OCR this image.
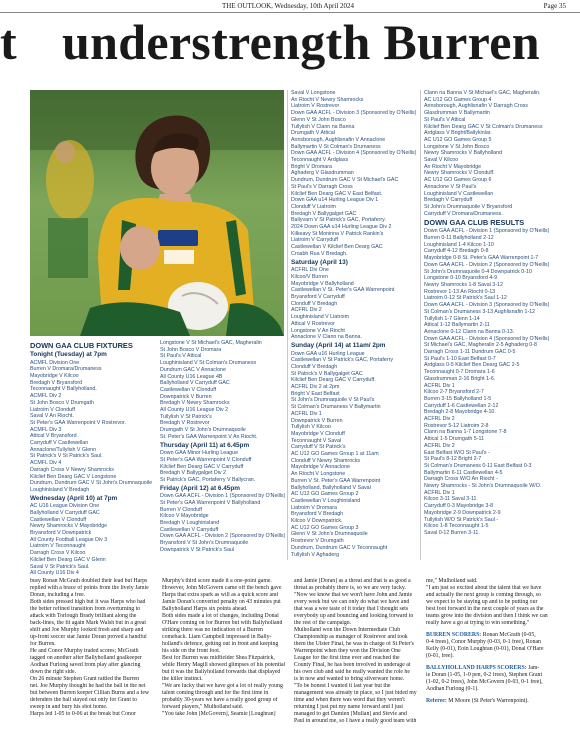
THE OUTLOOK, Wednesday, 10th April 2024	Page 35
t understrength Burren
DOWN GAA CLUB FIXTURES
Tonight (Tuesday) at 7pm
ACMFL Division One
Burren V Dromara/Drumaness
Mayobridge V Kilcoo
Bredagh V Bryansford
Teconnaught V Ballyholland.
ACMFL Div 2
St John Bosco V Drumgath
Liatroim V Clonduff
Saval V An Riocht.
St Peter's GAA Warrenpoint V Rostrevor.
ACMFL Div 3
Attical V Bryansford
Carryduff V Castlewellan
Annaclone/Tullylish V Glenn
St Patrick's V St Patrick's Saul.
ACMFL Div 4
Darragh Cross V Newry Shamrocks
Kilclief Ben Dearg GAC V Longstone
Dundrum, Dundrum GAC V St John's Drumnaquoile
Loughinisland V Bredagh
Wednesday (April 10) at 7pm
AC U16 League Division One
Ballyholland V Carryduff GAC
Castlewellan V Clonduff
Newry Shamrocks V Mayobridge
Bryansford V Downpatrick
All County Football League Div 3
Liatroim V Teconnaught
Darragh Cross V Kilcoo
Kilclief Ben Dearg GAC V Glenn
Saval V St Patrick's Saul.
All County U16 Div 4
Longstone V St Michael's GAC, Magheralin
St John Bosco V Dromara
St Paul's V Attical
Loughinisland V St Colman's Drumaness
Dundrum GAC V Annaclone
All County U16 League 4B
Ballyholland V Carryduff GAC
Castlewellan V Clonduff
Downpatrick V Burren
Bredagh V Newry Shamrocks
All County U16 League Div 2
Tullylish V St Patrick's
Bredagh V Rostrevor
Drumgath V St John's Drumnaquoile
St. Peter's GAA Warrenpoint V An Riocht.
Thursday (April 11) at 6.45pm
Down GAA Minor Hurling League
St Peter's GAA Warrenpoint V Clonduff
Kilclief Ben Dearg GAC V Carryduff
Bredagh V Ballygalget Div 2
St Patrick's GAC, Portaferry V Ballycran.
Friday (April 12) at 6.45pm
Down GAA ACFL - Division 1 (Sponsored by O'Neills)
St Peter's GAA Warrenpoint V Ballyholland
Burren V Clonduff
Kilcoo V Mayobridge
Bredagh V Loughinisland
Castlewellan V Carryduff
Down GAA ACFL - Division 2 (Sponsored by O'Neills)
Bryansford V St John's Drumnaquoile
Downpatrick V St Patrick's Saul
Saval V Longstone
An Riocht V Newry Shamrocks
Liatroim V Rostrevor
Down GAA ACFL - Division 3 (Sponsored by O'Neills)
Glenn V St John Bosco
Tullylish V Clann na Banna
Drumgath V Attical
Annsborough, Aughlisnafin V Annaclone
Ballymartin V St Colman's Drumaness
Down GAA ACFL - Division 4 (Sponsored by O'Neills)
Teconnaught V Ardglass
Bright V Dromara
Aghaderg V Glasdrumman
Dundrum, Dundrum GAC V St Michael's GAC
St Paul's V Darragh Cross
Kilclief Ben Dearg GAC V East Belfast.
Down GAA u14 Hurling League Div 1
Clonduff V Liatroim
Bredagh V Ballygalget GAC
Ballyvarn V St Patrick's GAC, Portaferry.
2024 Down GAA u14 Hurling League Div 2
Kilkeavy St Moninna V Patrick Rankin's
Liatroim V Carryduff
Castlewellan V Kilclief Ben Dearg GAC
Croabh Rua V Bredagh.
Saturday (April 13)
ACFRL Div One
Kilcoo/V Burren
Mayobridge V Ballyholland
Castlewellan V St. Peter's GAA Warrenpoint
Bryansford V Carryduff
Clonduff V Bredagh
ACFRL Div 2
Loughinisland V Liatroim
Attical V Rostrevor
Longstone V An Riocht
Annaclone V Clann na Banna.
Sunday (April 14) at 11am/ 2pm
Down GAA u16 Hurling League
Castlewellan V St Patrick's GAC, Portaferry
Clonduff V Bredagh
St Patrick's V Ballygalget GAC
Kilclief Ben Dearg GAC V Carryduff.
ACFRL Div 2 at 2pm
Bright V East Belfast
St John's Drumnaquoile V St Paul's
St Colman's Drumaness V Ballymartin
ACFRL Div 1
Downpatrick V Burren
Tullylish V Kilcoo
Mayobridge V Clonduff
Teconnaught V Saval
Carryduff V St Patrick's
AC U12 GO Games Group 1 at 11am
Clonduff V Newry Shamrocks
Mayobridge V Annaclone
An Riocht V Longstone
Burren V St. Peter's GAA Warrenpoint
Ballyholland, Ballyholland V Saval
AC U12 GO Games Group 2
Castlewellan V Loughinisland
Liatroim V Dromara
Bryansford V Bredagh
Kilcoo V Downpatrick.
AC U12 GO Games Group 3
Glenn V St John's Drumnaquoile
Rostrevor V Drumgath
Dundrum, Dundrum GAC V Teconnaught
Tullylish V Aghaderg
Clann na Banna V St Michael's GAC, Magheralin.
AC U12 GO Games Group 4
Annsborough, Aughlisnafin V Darragh Cross
Glasdrumman V Ballymartin
St Paul's V Attical
Kilclief Ben Dearg GAC V St Colman's Drumaness
Ardglass V Bright/Ballykinlar.
AC U12 GO Games Group 5
Longstone V St John Bosco
Newry Shamrocks V Ballyholland
Saval V Kilcoo
An Riocht V Mayobridge
Newry Shamrocks V Clonduff.
AC U12 GO Games Group 6
Annaclone V St Paul's
Loughinisland V Castlewellan
Bredagh V Carryduff
St John's Drumnaquoile V Bryansford
Carryduff V Dromara/Drumaness.
DOWN GAA CLUB RESULTS
Down GAA ACFL - Division 1 (Sponsored by O'Neills)
Burren 0-11 Ballyholland 2-12
Loughinisland 1-4 Kilcoo 1-10
Carryduff 4-12 Bredagh 0-8
Mayobridge 0-8 St. Peter's GAA Warrenpoint 1-7
Down GAA ACFL - Division 2 (Sponsored by O'Neills)
St John's Drumnaquoile 0-4 Downpatrick 0-10
Longstone 0-10 Bryansford 4-9
Newry Shamrocks 1-8 Saval 3-12
Rostrevor 1-13 An Riocht 0-13
Liatroim 0-12 St Patrick's Saul 1-12
Down GAA ACFL - Division 3 (Sponsored by O'Neills)
St Colman's Drumaness 3-13 Aughlisnafin 1-12
Tullylish 1-7 Glenn 1-14
Attical 1-12 Ballymartin 2-11
Annaclone 0-12 Clann na Banna 0-13.
Down GAA ACFL - Division 4 (Sponsored by O'Neills)
St Michael's GAC, Magheralin 2-5 Aghaderg 0-8
Darragh Cross 1-11 Dundrum GAC 0-5
St Paul's 1-10 East Belfast 0-7
Ardglass 0-5 Kilclief Ben Dearg GAC 2-5
Teconnaught 0-7 Dromara 1-6
Glasdrumman 2-16 Bright 1-6.
ACFRL Div 1
Kilcoo 2-7 Bryansford 2-7
Burren 3-15 Ballyholland 1-5
Carryduff 1-6 Castlewellan 2-12
Bredagh 2-8 Mayobridge 4-10.
ACFRL Div 2
Rostrevor 5-12 Liatroim 2-8
Clann na Banna 1-7 Longstone 7-8
Attical 1-5 Drumgath 5-11
ACFRL Div 2
East Belfast W/O St Paul's -
St Paul's 8-12 Bright 2-7
St Colman's Drumaness 0-11 East Belfast 0-3
Ballymartin 6-11 Castlewellan 4-5
Darragh Cross W/O An Riocht -
Newry Shamrocks - St John's Drumnaquoile W/O.
ACFRL Div 1
Kilcoo 3-11 Saval 3-11
Carryduff 0-3 Mayobridge 3-8
Mayobridge 2-9 Downpatrick 2-9
Tullylish W/O St Patrick's Saul -
Kilcoo 1-8 Teconnaught 1-5
Saval 0-12 Burren 3-11.
busy Ronan McGrath doubled their lead but Harps
replied with a brace of points from the lively Jamie
Doran, including a free.
Both sides pressed high but it was Harps who had
the better refined transition from overturning to
attack with Torlough Brady brilliant along the
back-lines, the fit again Mark Walsh but in a great
shift and Joe Murphy looked fresh and sharp and
up-front soccer star Jamie Doran proved a handful
for Burren.
He and Conor Murphy traded scores; McGrath
tagged on another after Ballyholland goalkeeper
Aodhan Furlong saved from play after glancing
down the right side.
On 26 minute Stephen Grant rattled the Burren
net. Joe Murphy thought he had the ball in the net
but between Burren keeper Cillian Burns and a few
defenders the ball stayed out only for Grant to
sweep in and bury his shot home.
Harps led 1-05 to 0-06 at the break but Conor
Murphy's third score made it a one-point game.
However, John McGovern came off the bench gave
Harps that extra spark as will as a quick score and
Jamie Doran's converted penalty on 43 minutes put
Ballyholland Harps six points ahead.
Both sides made a lot of changes, including Donal
O'Hare coming on for Burren but with Ballyholland
striking there was no indication of a Burren
comeback. Liam Campbell impressed in Bally-
holland's defence, getting out in front and keeping
his side on the front foot.
Best for Burren was midfielder Shea Fitzpatrick,
while Henry Magill showed glimpses of his potential
but it was the Ballyholland forwards that displayed
the killer instinct.
"We are lucky that we have got a lot of really young
talent coming through and for the first time in
probably 30-years we have a really good group of
forward players," Mulholland said.
"You take John [McGovern], Seamie [Loughran]
and Jamie [Doran] as a threat and that is as good a
threat as probably there is, so we are very lucky.
"Now we know that we won't have John and Jamie
every week but we can only do what we have and
that was a wee taste of it today that I thought sets
everybody up and bouncing and looking forward to
the rest of the campaign.
Mulholland won the Down Intermediate Club
Championship as manager of Rostrevor and took
them the Ulster Final, he was in charge of St Peter's
Warrenpoint when they won the Division One
League for the first time ever and reached the
County Final, he has been involved in underage at
his own club and said he really wanted the role he
is in now and wanted to bring silverware home.
"To be honest I wanted it last year but the
management was already in place, so I just bided my
time and when there was word that they weren't
returning I just put my name forward and I just
managed to get Damien [Mullan] and Stevie and
Paul in around me, so I have a really good team with
me," Mulholland said.
"I am just so excited about the talent that we have
and actually the next group is coming through, so
we expect to be staying up and to be putting our
best foot forward in the next couple of years as the
teams grow into the division and then I think we can
really have a go at trying to win something."
BURREN SCORERS: Ronan McGrath (0-05,
0-4 frees), Conor Murphy (0-03, 0-1 free), Ronan
Kelly (0-01), Eoin Loughran (0-01), Donal O'Hare
(0-01, free).
BALLYHOLLAND HARPS SCORERS: Jam-
ie Doran (1-05, 1-0 pen, 0-2 frees), Stephen Grant
(1-02, 0-2 frees), John McGovern (0-03, 0-1 free),
Aodhan Furlong (0-1).
Referee: M Moore (St Peter's Warrenpoint).
